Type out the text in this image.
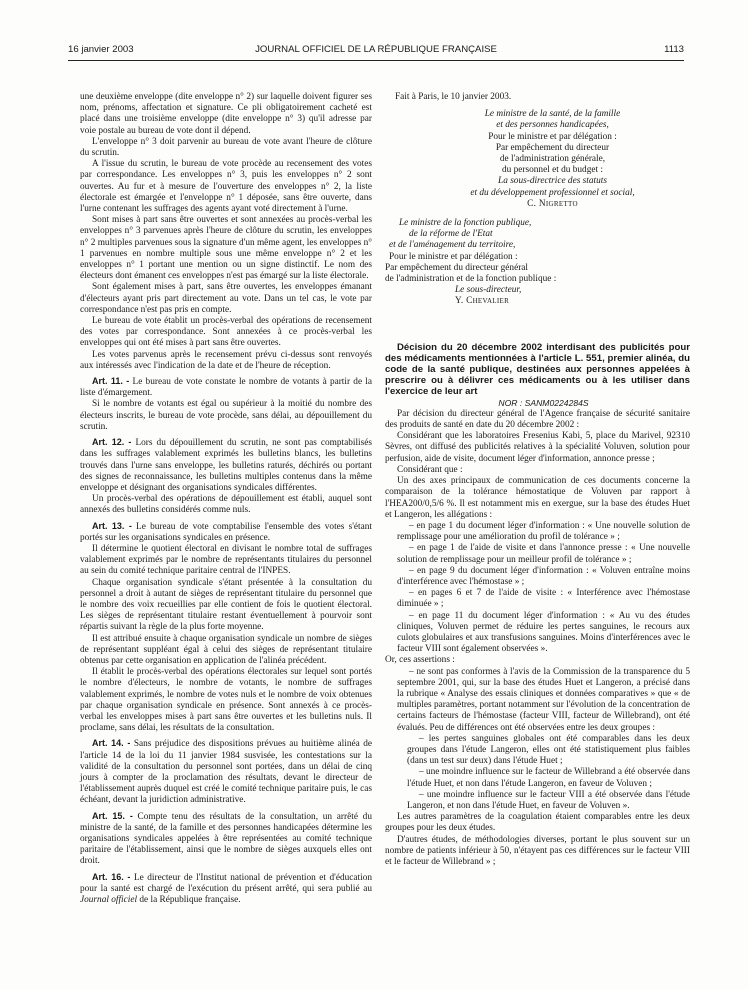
16 janvier 2003	JOURNAL OFFICIEL DE LA RÉPUBLIQUE FRANÇAISE	1113

une deuxième enveloppe (dite enveloppe n° 2) sur laquelle doivent figurer ses nom, prénoms, affectation et signature. Ce pli obligatoirement cacheté est placé dans une troisième enveloppe (dite enveloppe n° 3) qu'il adresse par voie postale au bureau de vote dont il dépend.

L'enveloppe n° 3 doit parvenir au bureau de vote avant l'heure de clôture du scrutin.

A l'issue du scrutin, le bureau de vote procède au recensement des votes par correspondance. Les enveloppes n° 3, puis les enveloppes n° 2 sont ouvertes. Au fur et à mesure de l'ouverture des enveloppes n° 2, la liste électorale est émargée et l'enveloppe n° 1 déposée, sans être ouverte, dans l'urne contenant les suffrages des agents ayant voté directement à l'urne.

Sont mises à part sans être ouvertes et sont annexées au procès-verbal les enveloppes n° 3 parvenues après l'heure de clôture du scrutin, les enveloppes n° 2 multiples parvenues sous la signature d'un même agent, les enveloppes n° 1 parvenues en nombre multiple sous une même enveloppe n° 2 et les enveloppes n° 1 portant une mention ou un signe distinctif. Le nom des électeurs dont émanent ces enveloppes n'est pas émargé sur la liste électorale.

Sont également mises à part, sans être ouvertes, les enveloppes émanant d'électeurs ayant pris part directement au vote. Dans un tel cas, le vote par correspondance n'est pas pris en compte.

Le bureau de vote établit un procès-verbal des opérations de recensement des votes par correspondance. Sont annexées à ce procès-verbal les enveloppes qui ont été mises à part sans être ouvertes.

Les votes parvenus après le recensement prévu ci-dessus sont renvoyés aux intéressés avec l'indication de la date et de l'heure de réception.

Art. 11. - Le bureau de vote constate le nombre de votants à partir de la liste d'émargement.

Si le nombre de votants est égal ou supérieur à la moitié du nombre des électeurs inscrits, le bureau de vote procède, sans délai, au dépouillement du scrutin.

Art. 12. - Lors du dépouillement du scrutin, ne sont pas comptabilisés dans les suffrages valablement exprimés les bulletins blancs, les bulletins trouvés dans l'urne sans enveloppe, les bulletins raturés, déchirés ou portant des signes de reconnaissance, les bulletins multiples contenus dans la même enveloppe et désignant des organisations syndicales différentes.

Un procès-verbal des opérations de dépouillement est établi, auquel sont annexés des bulletins considérés comme nuls.

Art. 13. - Le bureau de vote comptabilise l'ensemble des votes s'étant portés sur les organisations syndicales en présence.

Il détermine le quotient électoral en divisant le nombre total de suffrages valablement exprimés par le nombre de représentants titulaires du personnel au sein du comité technique paritaire central de l'INPES.

Chaque organisation syndicale s'étant présentée à la consultation du personnel a droit à autant de sièges de représentant titulaire du personnel que le nombre des voix recueillies par elle contient de fois le quotient électoral. Les sièges de représentant titulaire restant éventuellement à pourvoir sont répartis suivant la règle de la plus forte moyenne.

Il est attribué ensuite à chaque organisation syndicale un nombre de sièges de représentant suppléant égal à celui des sièges de représentant titulaire obtenus par cette organisation en application de l'alinéa précédent.

Il établit le procès-verbal des opérations électorales sur lequel sont portés le nombre d'électeurs, le nombre de votants, le nombre de suffrages valablement exprimés, le nombre de votes nuls et le nombre de voix obtenues par chaque organisation syndicale en présence. Sont annexés à ce procès-verbal les enveloppes mises à part sans être ouvertes et les bulletins nuls. Il proclame, sans délai, les résultats de la consultation.

Art. 14. - Sans préjudice des dispositions prévues au huitième alinéa de l'article 14 de la loi du 11 janvier 1984 susvisée, les contestations sur la validité de la consultation du personnel sont portées, dans un délai de cinq jours à compter de la proclamation des résultats, devant le directeur de l'établissement auprès duquel est créé le comité technique paritaire puis, le cas échéant, devant la juridiction administrative.

Art. 15. - Compte tenu des résultats de la consultation, un arrêté du ministre de la santé, de la famille et des personnes handicapées détermine les organisations syndicales appelées à être représentées au comité technique paritaire de l'établissement, ainsi que le nombre de sièges auxquels elles ont droit.

Art. 16. - Le directeur de l'Institut national de prévention et d'éducation pour la santé est chargé de l'exécution du présent arrêté, qui sera publié au Journal officiel de la République française.

Fait à Paris, le 10 janvier 2003.

Le ministre de la santé, de la famille

et des personnes handicapées,

Pour le ministre et par délégation :

Par empêchement du directeur

de l'administration générale,

du personnel et du budget :

La sous-directrice des statuts

et du développement professionnel et social,

C. Nigretto

Le ministre de la fonction publique,

de la réforme de l'Etat

et de l'aménagement du territoire,

Pour le ministre et par délégation :

Par empêchement du directeur général

de l'administration et de la fonction publique :

Le sous-directeur,

Y. Chevalier

Décision du 20 décembre 2002 interdisant des publicités pour des médicaments mentionnées à l'article L. 551, premier alinéa, du code de la santé publique, destinées aux personnes appelées à prescrire ou à délivrer ces médicaments ou à les utiliser dans l'exercice de leur art

NOR : SANM0224284S

Par décision du directeur général de l'Agence française de sécurité sanitaire des produits de santé en date du 20 décembre 2002 :

Considérant que les laboratoires Fresenius Kabi, 5, place du Marivel, 92310 Sèvres, ont diffusé des publicités relatives à la spécialité Voluven, solution pour perfusion, aide de visite, document léger d'information, annonce presse ;

Considérant que :

Un des axes principaux de communication de ces documents concerne la comparaison de la tolérance hémostatique de Voluven par rapport à l'HEA200/0,5/6 %. Il est notamment mis en exergue, sur la base des études Huet et Langeron, les allégations :

– en page 1 du document léger d'information : « Une nouvelle solution de remplissage pour une amélioration du profil de tolérance » ;

– en page 1 de l'aide de visite et dans l'annonce presse : « Une nouvelle solution de remplissage pour un meilleur profil de tolérance » ;

– en page 9 du document léger d'information : « Voluven entraîne moins d'interférence avec l'hémostase » ;

– en pages 6 et 7 de l'aide de visite : « Interférence avec l'hémostase diminuée » ;

– en page 11 du document léger d'information : « Au vu des études cliniques, Voluven permet de réduire les pertes sanguines, le recours aux culots globulaires et aux transfusions sanguines. Moins d'interférences avec le facteur VIII sont également observées ».

Or, ces assertions :

– ne sont pas conformes à l'avis de la Commission de la transparence du 5 septembre 2001, qui, sur la base des études Huet et Langeron, a précisé dans la rubrique « Analyse des essais cliniques et données comparatives » que « de multiples paramètres, portant notamment sur l'évolution de la concentration de certains facteurs de l'hémostase (facteur VIII, facteur de Willebrand), ont été évalués. Peu de différences ont été observées entre les deux groupes :

– les pertes sanguines globales ont été comparables dans les deux groupes dans l'étude Langeron, elles ont été statistiquement plus faibles (dans un test sur deux) dans l'étude Huet ;

– une moindre influence sur le facteur de Willebrand a été observée dans l'étude Huet, et non dans l'étude Langeron, en faveur de Voluven ;

– une moindre influence sur le facteur VIII a été observée dans l'étude Langeron, et non dans l'étude Huet, en faveur de Voluven ».

Les autres paramètres de la coagulation étaient comparables entre les deux groupes pour les deux études.

D'autres études, de méthodologies diverses, portant le plus souvent sur un nombre de patients inférieur à 50, n'étayent pas ces différences sur le facteur VIII et le facteur de Willebrand » ;
